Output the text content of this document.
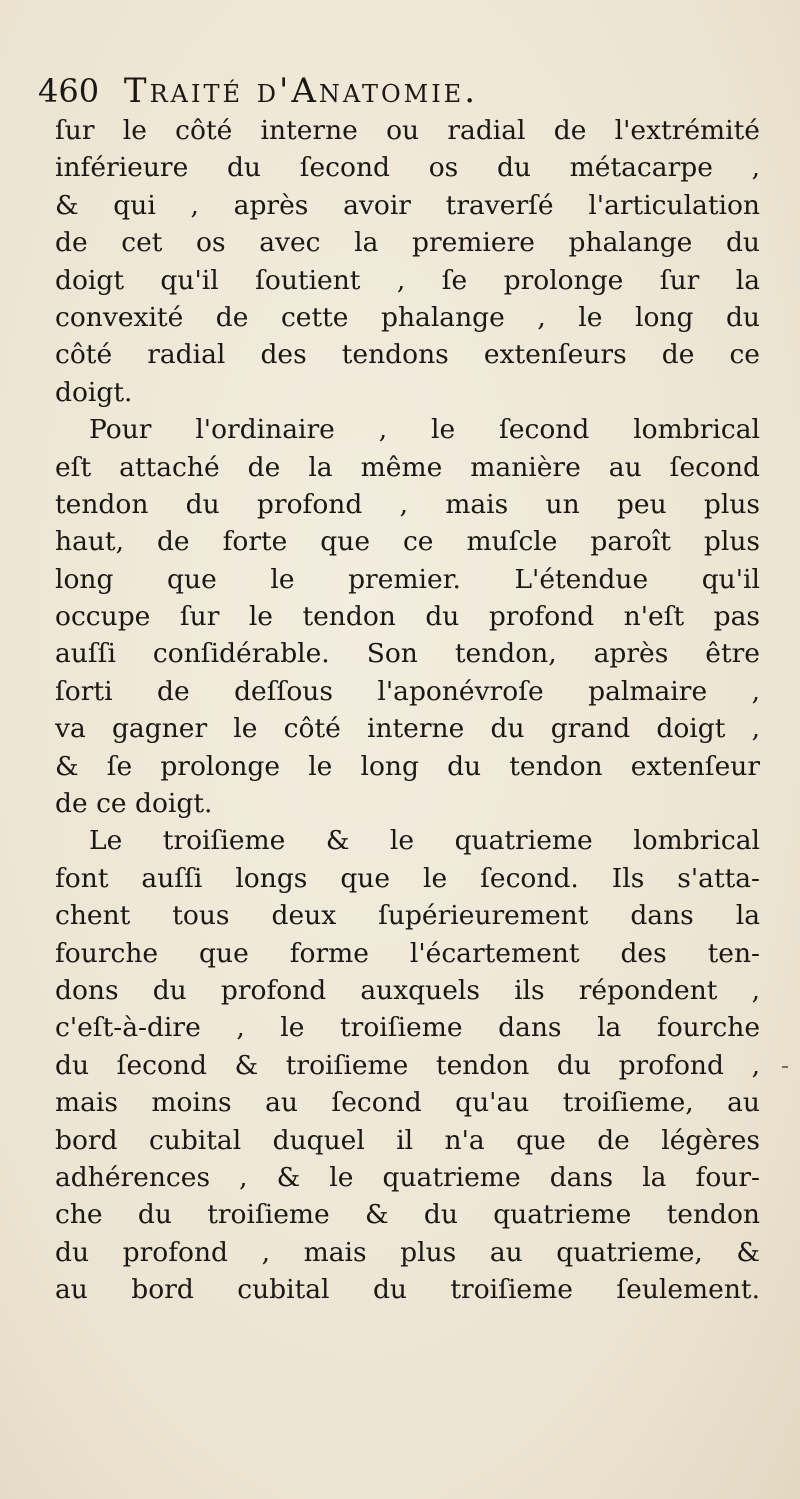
460 Traité d'Anatomie.
ſur le côté interne ou radial de l'extrémité
inférieure du ſecond os du métacarpe ,
& qui , après avoir traverſé l'articulation
de cet os avec la premiere phalange du
doigt qu'il ſoutient , ſe prolonge ſur la
convexité de cette phalange , le long du
côté radial des tendons extenſeurs de ce
doigt.
Pour l'ordinaire , le ſecond lombrical
eſt attaché de la même manière au ſecond
tendon du profond , mais un peu plus
haut, de forte que ce muſcle paroît plus
long que le premier. L'étendue qu'il
occupe ſur le tendon du profond n'eſt pas
auſſi conſidérable. Son tendon, après être
ſorti de deſſous l'aponévroſe palmaire ,
va gagner le côté interne du grand doigt ,
& ſe prolonge le long du tendon extenſeur
de ce doigt.
Le troiſieme & le quatrieme lombrical
font auſſi longs que le ſecond. Ils s'atta-
chent tous deux ſupérieurement dans la
fourche que forme l'écartement des ten-
dons du profond auxquels ils répondent ,
c'eſt-à-dire , le troiſieme dans la fourche
du ſecond & troiſieme tendon du profond ,
mais moins au ſecond qu'au troiſieme, au
bord cubital duquel il n'a que de légères
adhérences , & le quatrieme dans la four-
che du troiſieme & du quatrieme tendon
du profond , mais plus au quatrieme, &
au bord cubital du troiſieme ſeulement.
